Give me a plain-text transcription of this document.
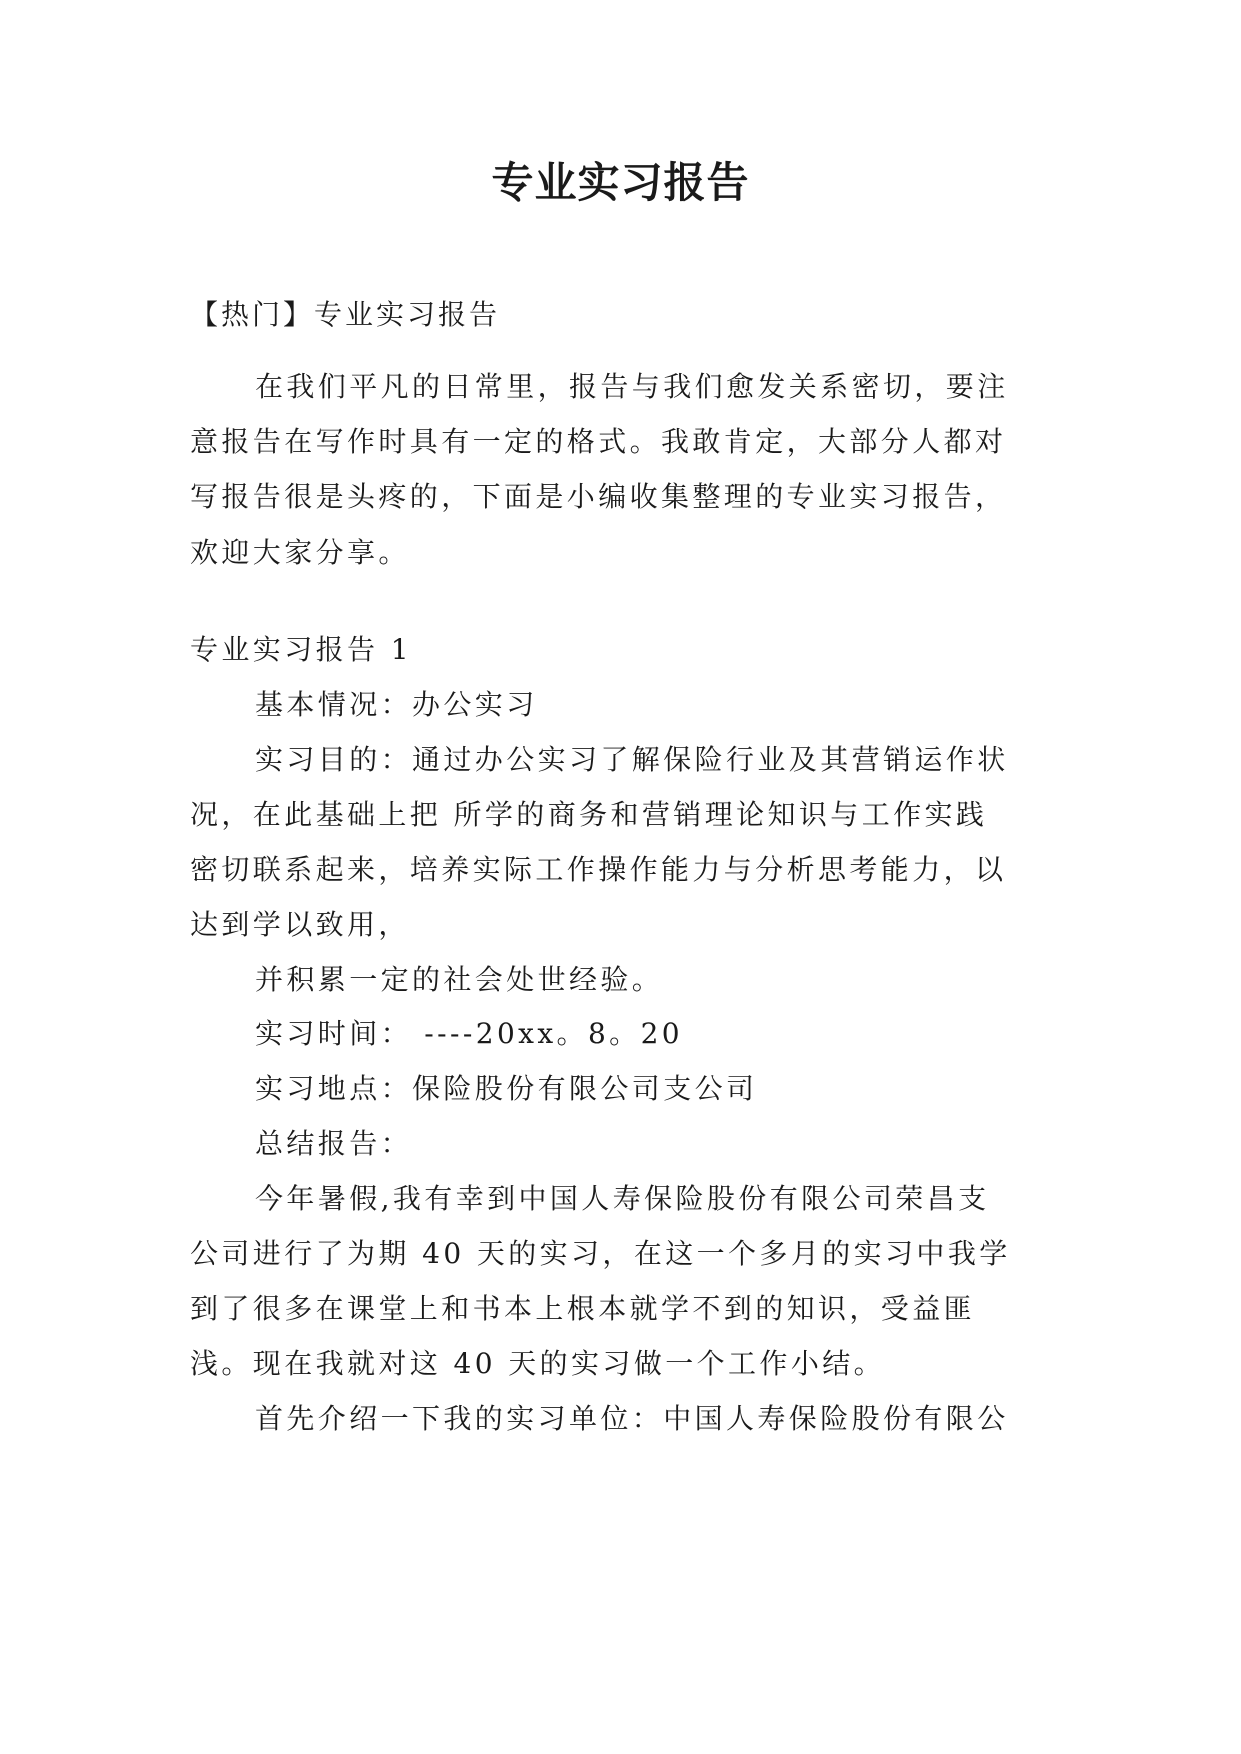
专业实习报告

【热门】专业实习报告

在我们平凡的日常里，报告与我们愈发关系密切，要注

意报告在写作时具有一定的格式。我敢肯定，大部分人都对

写报告很是头疼的，下面是小编收集整理的专业实习报告，

欢迎大家分享。

专业实习报告 1

基本情况：办公实习

实习目的：通过办公实习了解保险行业及其营销运作状

况，在此基础上把 所学的商务和营销理论知识与工作实践

密切联系起来，培养实际工作操作能力与分析思考能力，以

达到学以致用，

并积累一定的社会处世经验。

实习时间： ----20xx。8。20

实习地点：保险股份有限公司支公司

总结报告：

今年暑假,我有幸到中国人寿保险股份有限公司荣昌支

公司进行了为期 40 天的实习，在这一个多月的实习中我学

到了很多在课堂上和书本上根本就学不到的知识，受益匪

浅。现在我就对这 40 天的实习做一个工作小结。

首先介绍一下我的实习单位：中国人寿保险股份有限公
